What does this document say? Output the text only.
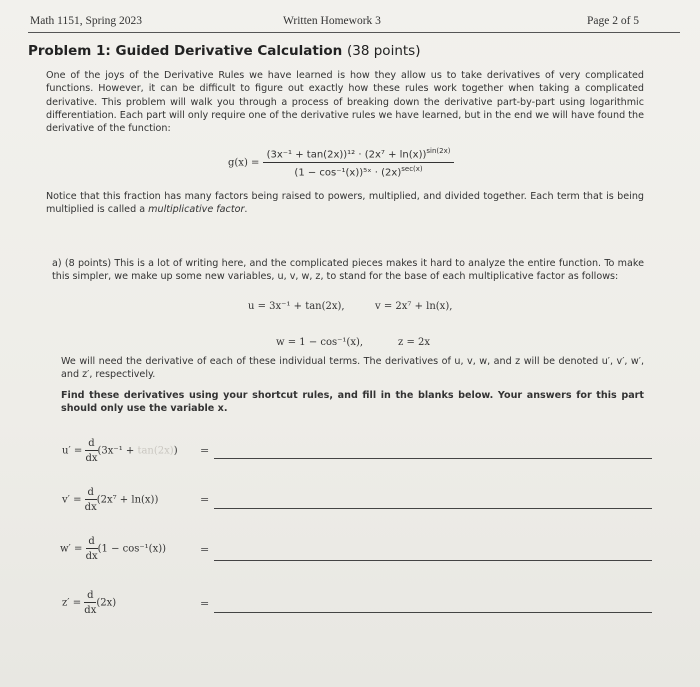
Math 1151, Spring 2023	Written Homework 3	Page 2 of 5
Problem 1: Guided Derivative Calculation (38 points)
One of the joys of the Derivative Rules we have learned is how they allow us to take derivatives of very complicated functions. However, it can be difficult to figure out exactly how these rules work together when taking a complicated derivative. This problem will walk you through a process of breaking down the derivative part-by-part using logarithmic differentiation. Each part will only require one of the derivative rules we have learned, but in the end we will have found the derivative of the function:
$g(x) = \frac{(3x^{-1} + \tan(2x))^{12} \cdot (2x^7 + \ln(x))^{sin(2x)}}{(1 - \cos^{-1}(x))^5ˣ \cdot (2x)^{sec(x)}}$
Notice that this fraction has many factors being raised to powers, multiplied, and divided together. Each term that is being multiplied is called a multiplicative factor.
a) (8 points) This is a lot of writing here, and the complicated pieces makes it hard to analyze the entire function. To make this simpler, we make up some new variables, u, v, w, z, to stand for the base of each multiplicative factor as follows:
u = 3x⁻¹ + tan(2x),	v = 2x⁷ + ln(x),
w = 1 − cos⁻¹(x),	z = 2x
We will need the derivative of each of these individual terms. The derivatives of u, v, w, and z will be denoted u′, v′, w′, and z′, respectively.
Find these derivatives using your shortcut rules, and fill in the blanks below. Your answers for this part should only use the variable x.
$u' = \frac{d}{dx} (3x^{-1} + \tan(2x))$ =
$v' = \frac{d}{dx} (2x^7 + \ln(x))$	=
$w' = \frac{d}{dx} (1 - \cos^{-1}(x))$	=
$z' = \frac{d}{dx} (2x)$	=
